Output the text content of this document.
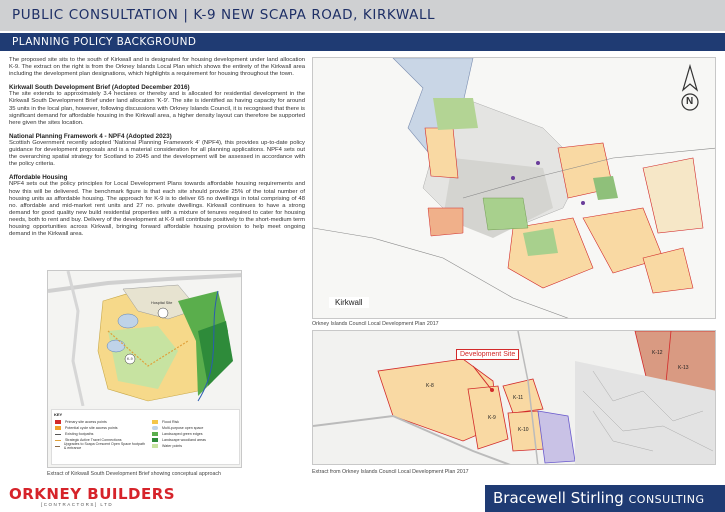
PUBLIC CONSULTATION | K-9 NEW SCAPA ROAD, KIRKWALL
PLANNING POLICY BACKGROUND

The proposed site sits to the south of Kirkwall and is designated for housing development under land allocation K-9. The extract on the right is from the Orkney Islands Local Plan which shows the entirety of the Kirkwall area including the development plan designations, which highlights a requirement for housing throughout the town.

Kirkwall South Development Brief (Adopted December 2016)

The site extends to approximately 3.4 hectares or thereby and is allocated for residential development in the Kirkwall South Development Brief under land allocation 'K-9'. The site is identified as having capacity for around 35 units in the local plan, however, following discussions with Orkney Islands Council, it is recognised that there is significant demand for affordable housing in the Kirkwall area, a higher density layout can therefore be supported here given the sites location.

National Planning Framework 4 - NPF4 (Adopted 2023)

Scottish Government recently adopted 'National Planning Framework 4' (NPF4), this provides up-to-date policy guidance for development proposals and is a material consideration for all planning applications. NPF4 sets out the overarching spatial strategy for Scotland to 2045 and the development will be assessed in accordance with the policy criteria.

Affordable Housing

NPF4 sets out the policy principles for Local Development Plans towards affordable housing requirements and how this will be delivered. The benchmark figure is that each site should provide 25% of the total number of housing units as affordable housing. The approach for K-9 is to deliver 65 no dwellings in total comprising of 48 no. affordable and mid-market rent units and 27 no. private dwellings. Kirkwall continues to have a strong demand for good quality new build residential properties with a mixture of tenures required to cater for housing needs, both to rent and buy. Delivery of the development at K-9 will contribute positively to the short-medium term housing opportunities across Kirkwall, bringing forward affordable housing provision to help meet ongoing demand in the Kirkwall area.

Hospital Site
K-9
KEY
Primary site access points
Potential cycle site access points
Existing footpaths
Strategic Active Travel Connections
Upgrades to Scapa Crescent Open Space footpath & entrance
Flood Risk
Multi-purpose open space
Landscaped green edges
Landscape woodland areas
Water points
Extract of Kirkwall South Development Brief showing conceptual approach
N
Kirkwall
Orkney Islands Council Local Development Plan 2017
Development Site	K-12
K-13
K-8
K-9
K-11
K-10
Extract from Orkney Islands Council Local Development Plan 2017
ORKNEY BUILDERS
[CONTRACTORS] LTD	Bracewell Stirling CONSULTING
